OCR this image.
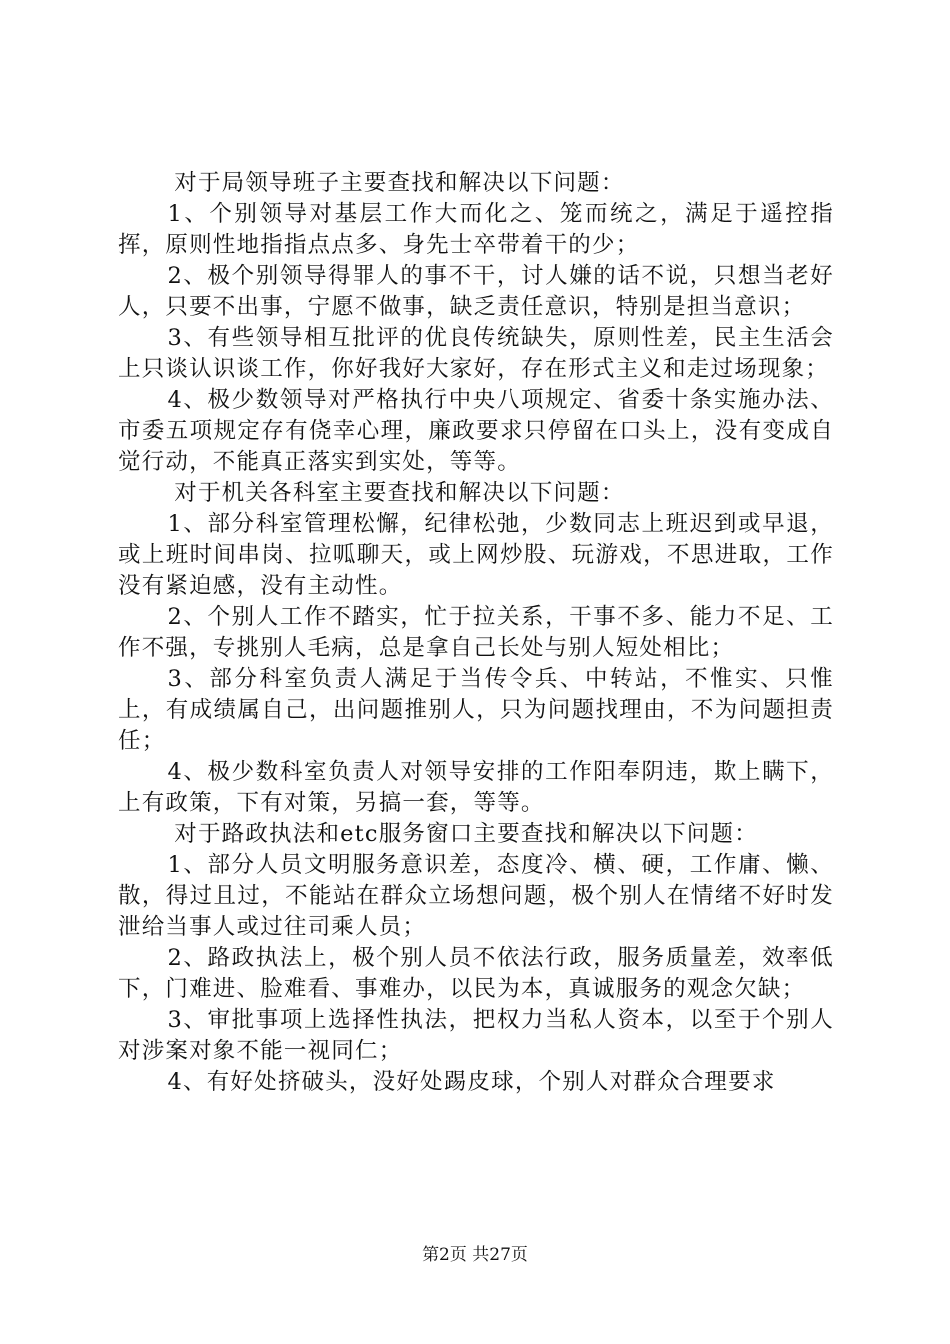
对于局领导班子主要查找和解决以下问题：

1、个别领导对基层工作大而化之、笼而统之，满足于遥控指挥，原则性地指指点点多、身先士卒带着干的少；

2、极个别领导得罪人的事不干，讨人嫌的话不说，只想当老好人，只要不出事，宁愿不做事，缺乏责任意识，特别是担当意识；

3、有些领导相互批评的优良传统缺失，原则性差，民主生活会上只谈认识谈工作，你好我好大家好，存在形式主义和走过场现象；

4、极少数领导对严格执行中央八项规定、省委十条实施办法、市委五项规定存有侥幸心理，廉政要求只停留在口头上，没有变成自觉行动，不能真正落实到实处，等等。

对于机关各科室主要查找和解决以下问题：

1、部分科室管理松懈，纪律松弛，少数同志上班迟到或早退，或上班时间串岗、拉呱聊天，或上网炒股、玩游戏，不思进取，工作没有紧迫感，没有主动性。

2、个别人工作不踏实，忙于拉关系，干事不多、能力不足、工作不强，专挑别人毛病，总是拿自己长处与别人短处相比；

3、部分科室负责人满足于当传令兵、中转站，不惟实、只惟上，有成绩属自己，出问题推别人，只为问题找理由，不为问题担责任；

4、极少数科室负责人对领导安排的工作阳奉阴违，欺上瞒下，上有政策，下有对策，另搞一套，等等。

对于路政执法和etc服务窗口主要查找和解决以下问题：

1、部分人员文明服务意识差，态度冷、横、硬，工作庸、懒、散，得过且过，不能站在群众立场想问题，极个别人在情绪不好时发泄给当事人或过往司乘人员；

2、路政执法上，极个别人员不依法行政，服务质量差，效率低下，门难进、脸难看、事难办，以民为本，真诚服务的观念欠缺；

3、审批事项上选择性执法，把权力当私人资本，以至于个别人对涉案对象不能一视同仁；

4、有好处挤破头，没好处踢皮球，个别人对群众合理要求

第2页 共27页
